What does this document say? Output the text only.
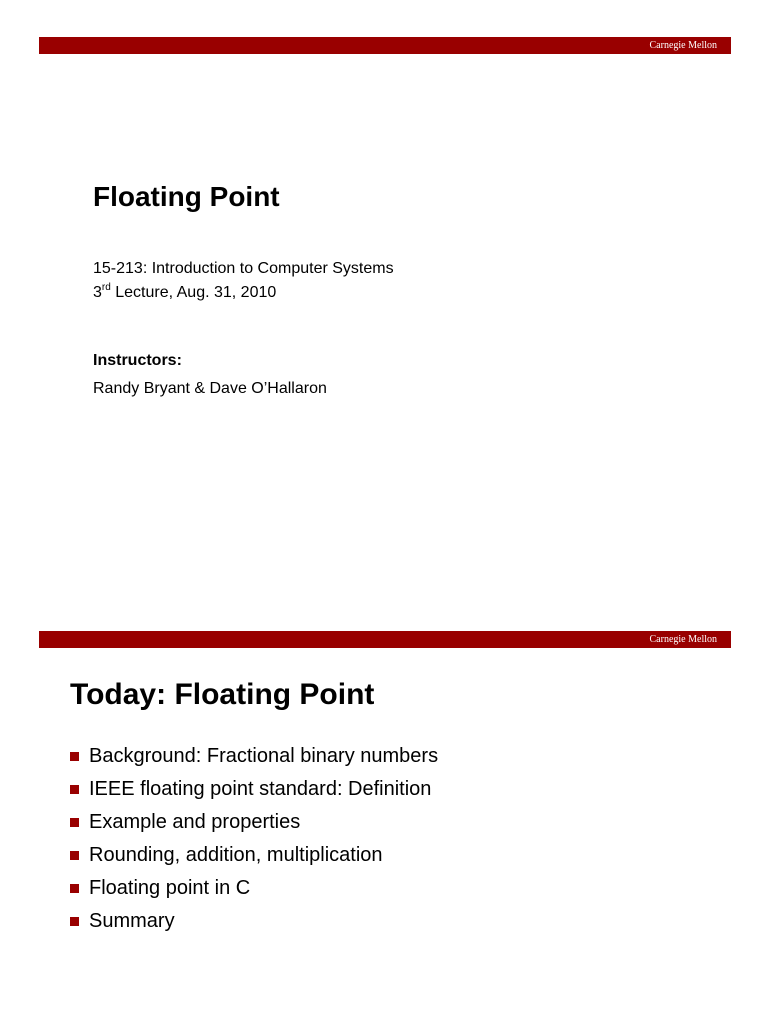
Carnegie Mellon
Floating Point
15-213: Introduction to Computer Systems
3rd Lecture, Aug. 31, 2010
Instructors:
Randy Bryant & Dave O’Hallaron
Carnegie Mellon
Today: Floating Point
Background: Fractional binary numbers
IEEE floating point standard: Definition
Example and properties
Rounding, addition, multiplication
Floating point in C
Summary
